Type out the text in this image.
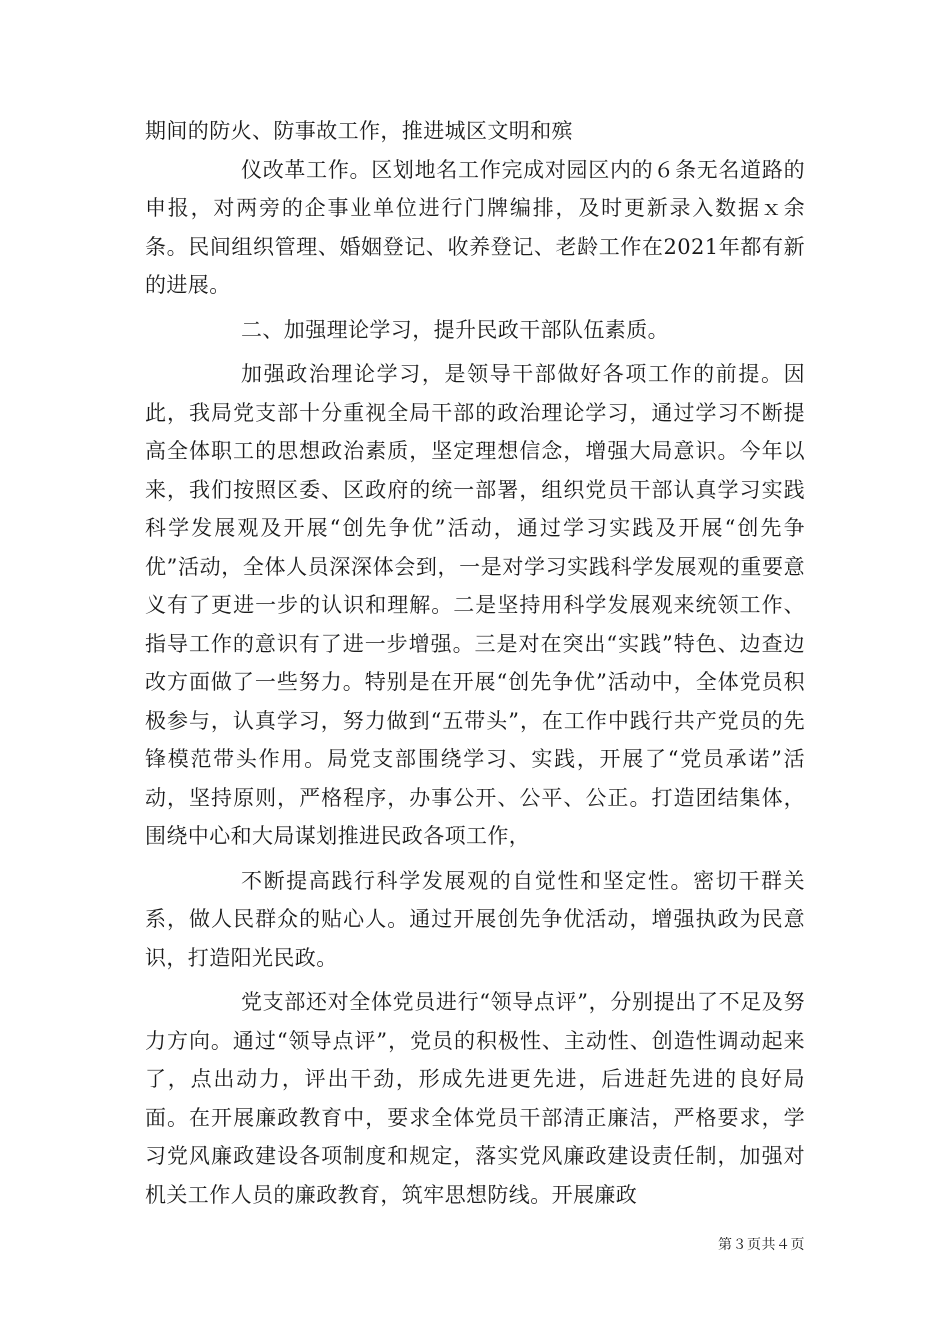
期间的防火、防事故工作，推进城区文明和殡

仪改革工作。区划地名工作完成对园区内的６条无名道路的申报，对两旁的企事业单位进行门牌编排，及时更新录入数据ｘ余条。民间组织管理、婚姻登记、收养登记、老龄工作在2021年都有新的进展。

二、加强理论学习，提升民政干部队伍素质。

加强政治理论学习，是领导干部做好各项工作的前提。因此，我局党支部十分重视全局干部的政治理论学习，通过学习不断提高全体职工的思想政治素质，坚定理想信念，增强大局意识。今年以来，我们按照区委、区政府的统一部署，组织党员干部认真学习实践科学发展观及开展“创先争优”活动，通过学习实践及开展“创先争优”活动，全体人员深深体会到，一是对学习实践科学发展观的重要意义有了更进一步的认识和理解。二是坚持用科学发展观来统领工作、指导工作的意识有了进一步增强。三是对在突出“实践”特色、边查边改方面做了一些努力。特别是在开展“创先争优”活动中，全体党员积极参与，认真学习，努力做到“五带头”，在工作中践行共产党员的先锋模范带头作用。局党支部围绕学习、实践，开展了“党员承诺”活动，坚持原则，严格程序，办事公开、公平、公正。打造团结集体，围绕中心和大局谋划推进民政各项工作，

不断提高践行科学发展观的自觉性和坚定性。密切干群关系，做人民群众的贴心人。通过开展创先争优活动，增强执政为民意识，打造阳光民政。

党支部还对全体党员进行“领导点评”，分别提出了不足及努力方向。通过“领导点评”，党员的积极性、主动性、创造性调动起来了，点出动力，评出干劲，形成先进更先进，后进赶先进的良好局面。在开展廉政教育中，要求全体党员干部清正廉洁，严格要求，学习党风廉政建设各项制度和规定，落实党风廉政建设责任制，加强对机关工作人员的廉政教育，筑牢思想防线。开展廉政

第３页共４页
